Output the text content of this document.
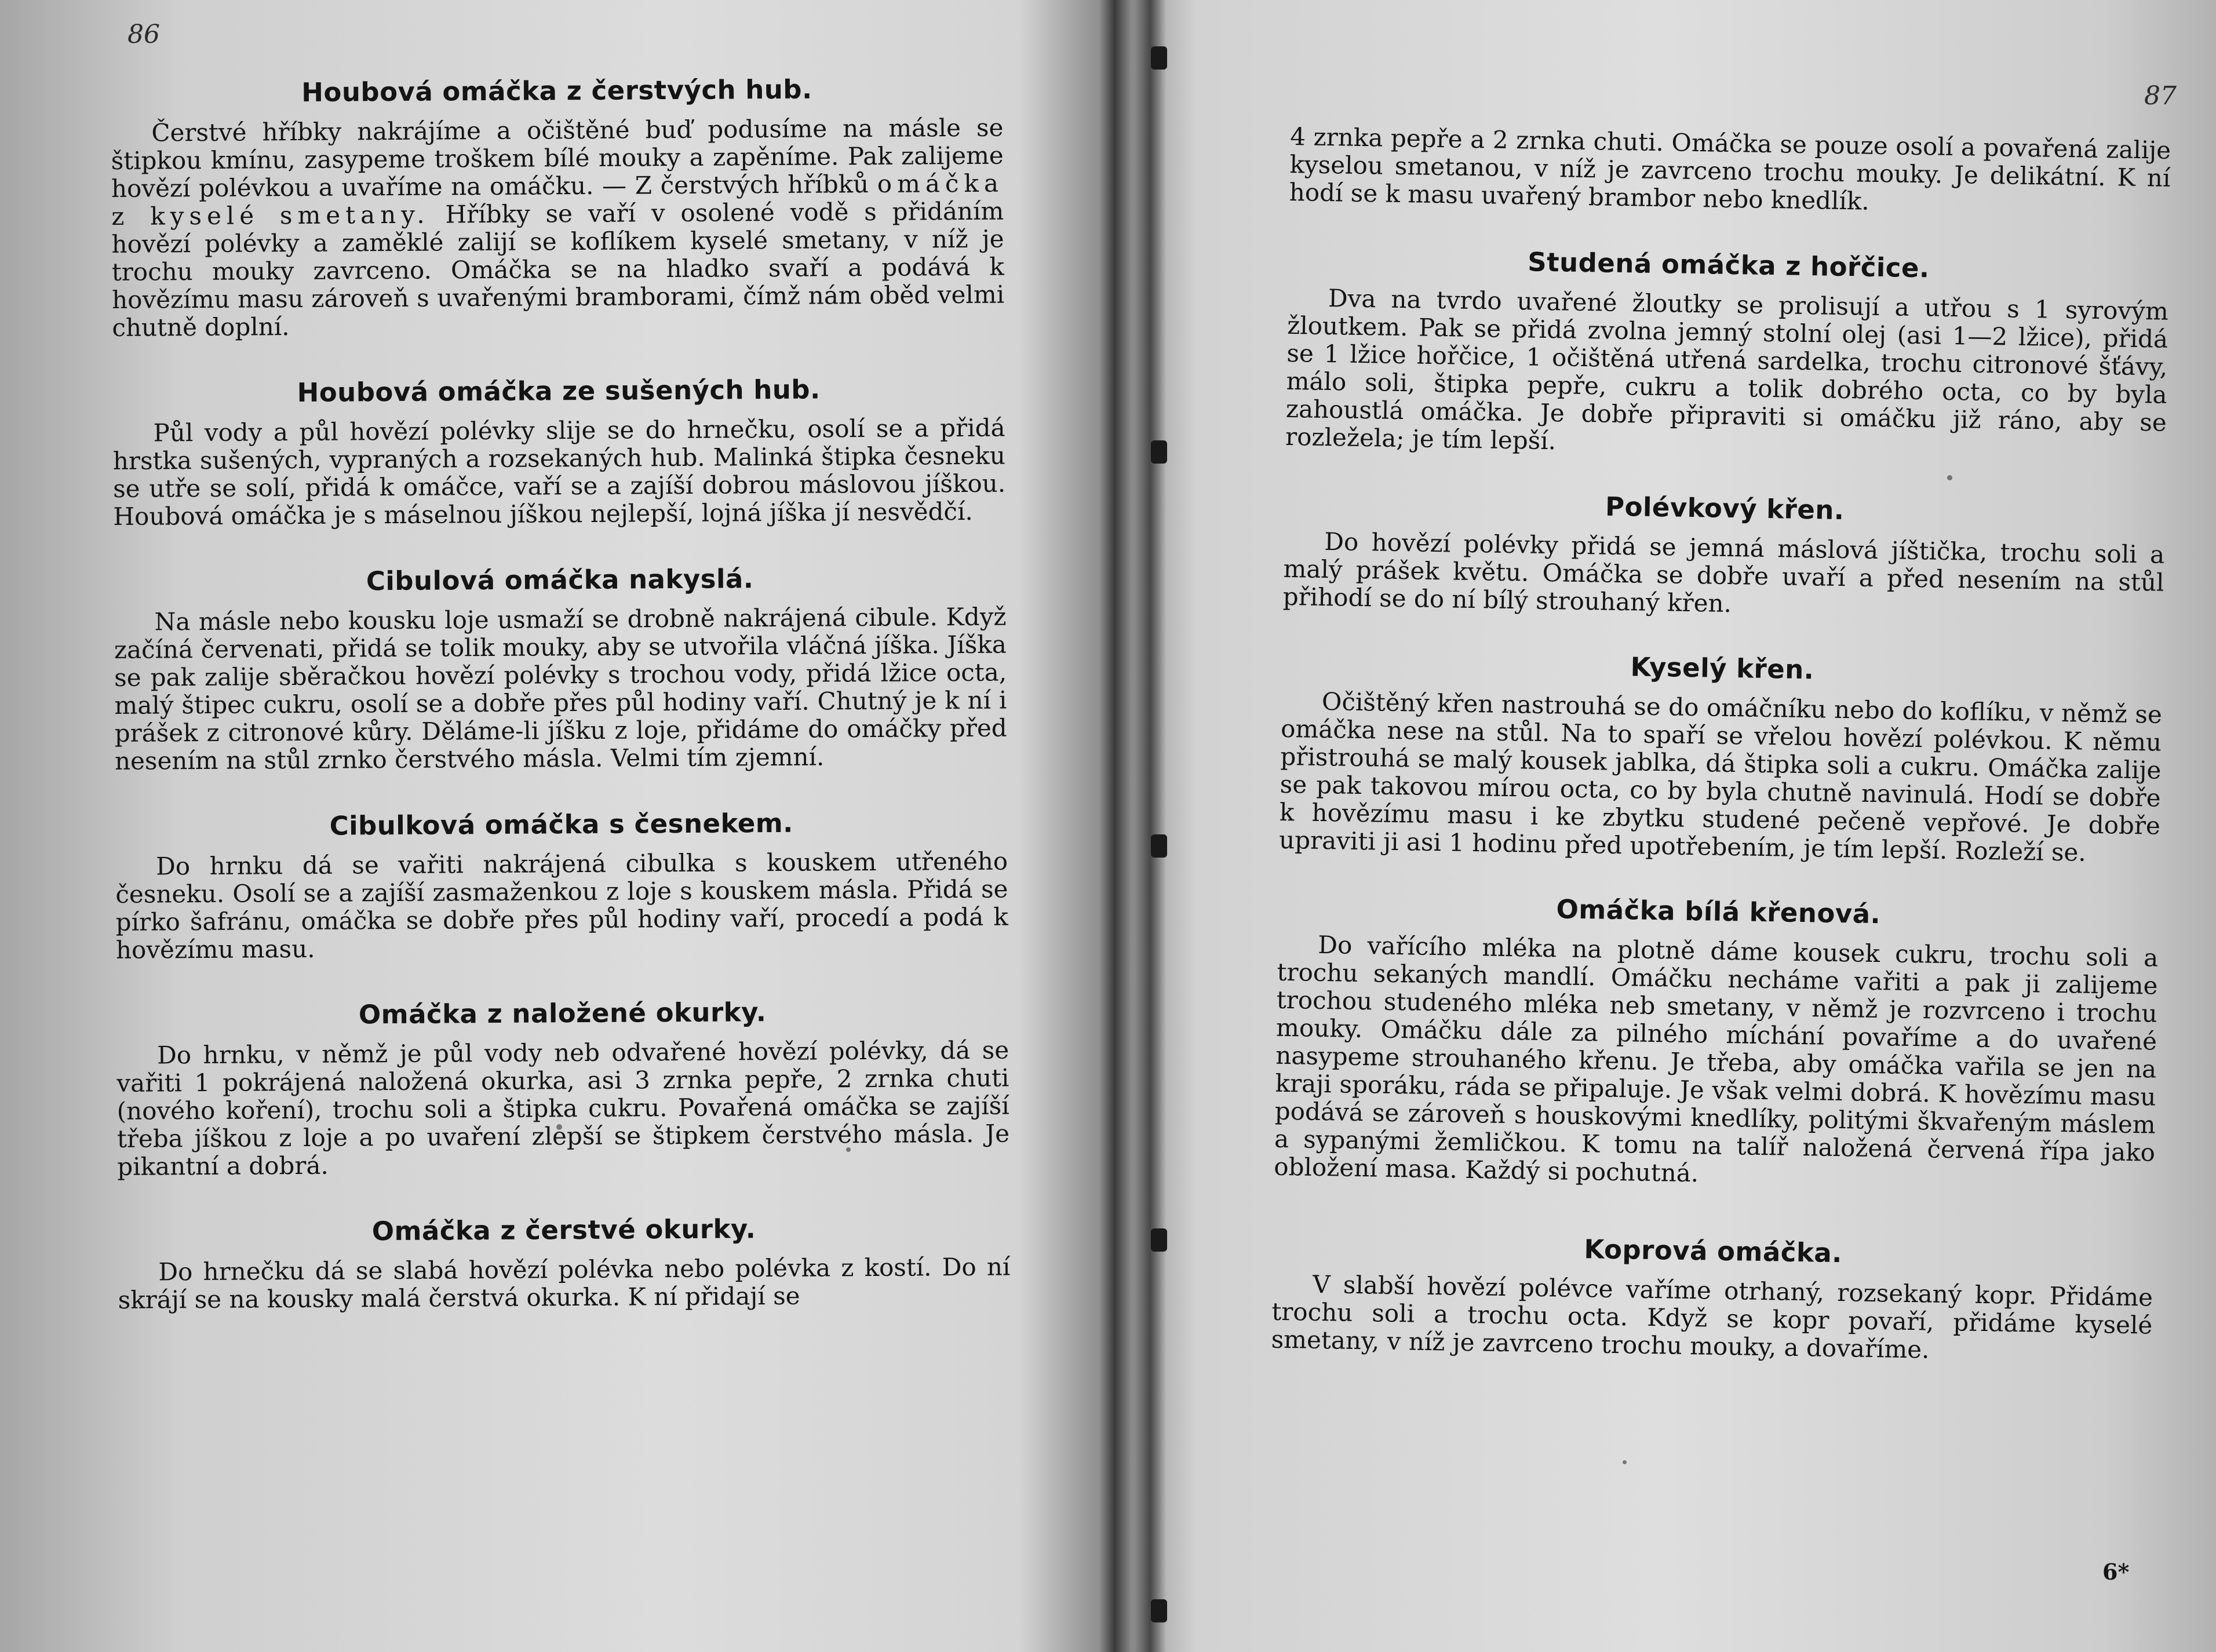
86
87
Houbová omáčka z čerstvých hub.

Čerstvé hříbky nakrájíme a očištěné buď podusíme na másle se štipkou kmínu, zasypeme troškem bílé mouky a zapěníme. Pak zalijeme hovězí polévkou a uvaříme na omáčku. — Z čerstvých hříbků omáčka z kyselé smetany. Hříbky se vaří v osolené vodě s přidáním hovězí polévky a zaměklé zalijí se koflíkem kyselé smetany, v níž je trochu mouky zavrceno. Omáčka se na hladko svaří a podává k hovězímu masu zároveň s uvařenými bramborami, čímž nám oběd velmi chutně doplní.

Houbová omáčka ze sušených hub.

Půl vody a půl hovězí polévky slije se do hrnečku, osolí se a přidá hrstka sušených, vypraných a rozsekaných hub. Malinká štipka česneku se utře se solí, přidá k omáčce, vaří se a zajíší dobrou máslovou jíškou. Houbová omáčka je s máselnou jíškou nejlepší, lojná jíška jí nesvědčí.

Cibulová omáčka nakyslá.

Na másle nebo kousku loje usmaží se drobně nakrájená cibule. Když začíná červenati, přidá se tolik mouky, aby se utvořila vláčná jíška. Jíška se pak zalije sběračkou hovězí polévky s trochou vody, přidá lžice octa, malý štipec cukru, osolí se a dobře přes půl hodiny vaří. Chutný je k ní i prášek z citronové kůry. Děláme-li jíšku z loje, přidáme do omáčky před nesením na stůl zrnko čerstvého másla. Velmi tím zjemní.

Cibulková omáčka s česnekem.

Do hrnku dá se vařiti nakrájená cibulka s kouskem utřeného česneku. Osolí se a zajíší zasmaženkou z loje s kouskem másla. Přidá se pírko šafránu, omáčka se dobře přes půl hodiny vaří, procedí a podá k hovězímu masu.

Omáčka z naložené okurky.

Do hrnku, v němž je půl vody neb odvařené hovězí polévky, dá se vařiti 1 pokrájená naložená okurka, asi 3 zrnka pepře, 2 zrnka chuti (nového koření), trochu soli a štipka cukru. Povařená omáčka se zajíší třeba jíškou z loje a po uvaření zlepší se štipkem čerstvého másla. Je pikantní a dobrá.

Omáčka z čerstvé okurky.

Do hrnečku dá se slabá hovězí polévka nebo polévka z kostí. Do ní skrájí se na kousky malá čerstvá okurka. K ní přidají se

4 zrnka pepře a 2 zrnka chuti. Omáčka se pouze osolí a povařená zalije kyselou smetanou, v níž je zavrceno trochu mouky. Je delikátní. K ní hodí se k masu uvařený brambor nebo knedlík.

Studená omáčka z hořčice.

Dva na tvrdo uvařené žloutky se prolisují a utřou s 1 syrovým žloutkem. Pak se přidá zvolna jemný stolní olej (asi 1—2 lžice), přidá se 1 lžice hořčice, 1 očištěná utřená sardelka, trochu citronové šťávy, málo soli, štipka pepře, cukru a tolik dobrého octa, co by byla zahoustlá omáčka. Je dobře připraviti si omáčku již ráno, aby se rozleželа; je tím lepší.

Polévkový křen.

Do hovězí polévky přidá se jemná máslová jíštička, trochu soli a malý prášek květu. Omáčka se dobře uvaří a před nesením na stůl přihodí se do ní bílý strouhaný křen.

Kyselý křen.

Očištěný křen nastrouhá se do omáčníku nebo do koflíku, v němž se omáčka nese na stůl. Na to spaří se vřelou hovězí polévkou. K němu přistrouhá se malý kousek jablka, dá štipka soli a cukru. Omáčka zalije se pak takovou mírou octa, co by byla chutně navinulá. Hodí se dobře k hovězímu masu i ke zbytku studené pečeně vepřové. Je dobře upraviti ji asi 1 hodinu před upotřebením, je tím lepší. Rozleží se.

Omáčka bílá křenová.

Do vařícího mléka na plotně dáme kousek cukru, trochu soli a trochu sekaných mandlí. Omáčku necháme vařiti a pak ji zalijeme trochou studeného mléka neb smetany, v němž je rozvrceno i trochu mouky. Omáčku dále za pilného míchání povaříme a do uvařené nasypeme strouhaného křenu. Je třeba, aby omáčka vařila se jen na kraji sporáku, ráda se připaluje. Je však velmi dobrá. K hovězímu masu podává se zároveň s houskovými knedlíky, politými škvařeným máslem a sypanými žemličkou. K tomu na talíř naložená červená řípa jako obložení masa. Každý si pochutná.

Koprová omáčka.

V slabší hovězí polévce vaříme otrhaný, rozsekaný kopr. Přidáme trochu soli a trochu octa. Když se kopr povaří, přidáme kyselé smetany, v níž je zavrceno trochu mouky, a dovaříme.

6*
